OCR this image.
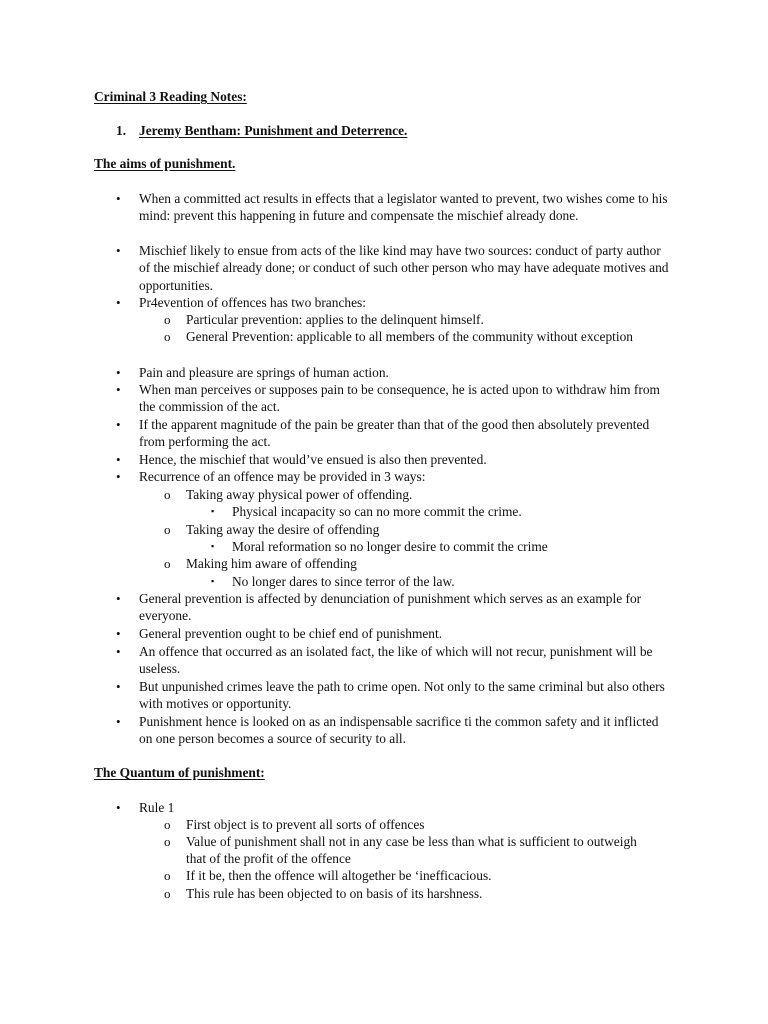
Criminal 3 Reading Notes:
1. Jeremy Bentham: Punishment and Deterrence.
The aims of punishment.
•	When a committed act results in effects that a legislator wanted to prevent, two wishes come to his mind: prevent this happening in future and compensate the mischief already done.
•	Mischief likely to ensue from acts of the like kind may have two sources: conduct of party author of the mischief already done; or conduct of such other person who may have adequate motives and opportunities.
•	Pr4evention of offences has two branches:
o Particular prevention: applies to the delinquent himself.
o General Prevention: applicable to all members of the community without exception
•	Pain and pleasure are springs of human action.
•	When man perceives or supposes pain to be consequence, he is acted upon to withdraw him from the commission of the act.
•	If the apparent magnitude of the pain be greater than that of the good then absolutely prevented from performing the act.
•	Hence, the mischief that would’ve ensued is also then prevented.
•	Recurrence of an offence may be provided in 3 ways:
o Taking away physical power of offending.
▪ Physical incapacity so can no more commit the crime.
o Taking away the desire of offending
▪ Moral reformation so no longer desire to commit the crime
o Making him aware of offending
▪ No longer dares to since terror of the law.
•	General prevention is affected by denunciation of punishment which serves as an example for everyone.
•	General prevention ought to be chief end of punishment.
•	An offence that occurred as an isolated fact, the like of which will not recur, punishment will be useless.
•	But unpunished crimes leave the path to crime open. Not only to the same criminal but also others with motives or opportunity.
•	Punishment hence is looked on as an indispensable sacrifice ti the common safety and it inflicted on one person becomes a source of security to all.
The Quantum of punishment:
•	Rule 1
o First object is to prevent all sorts of offences
o Value of punishment shall not in any case be less than what is sufficient to outweigh that of the profit of the offence
o If it be, then the offence will altogether be ‘inefficacious.
o This rule has been objected to on basis of its harshness.
